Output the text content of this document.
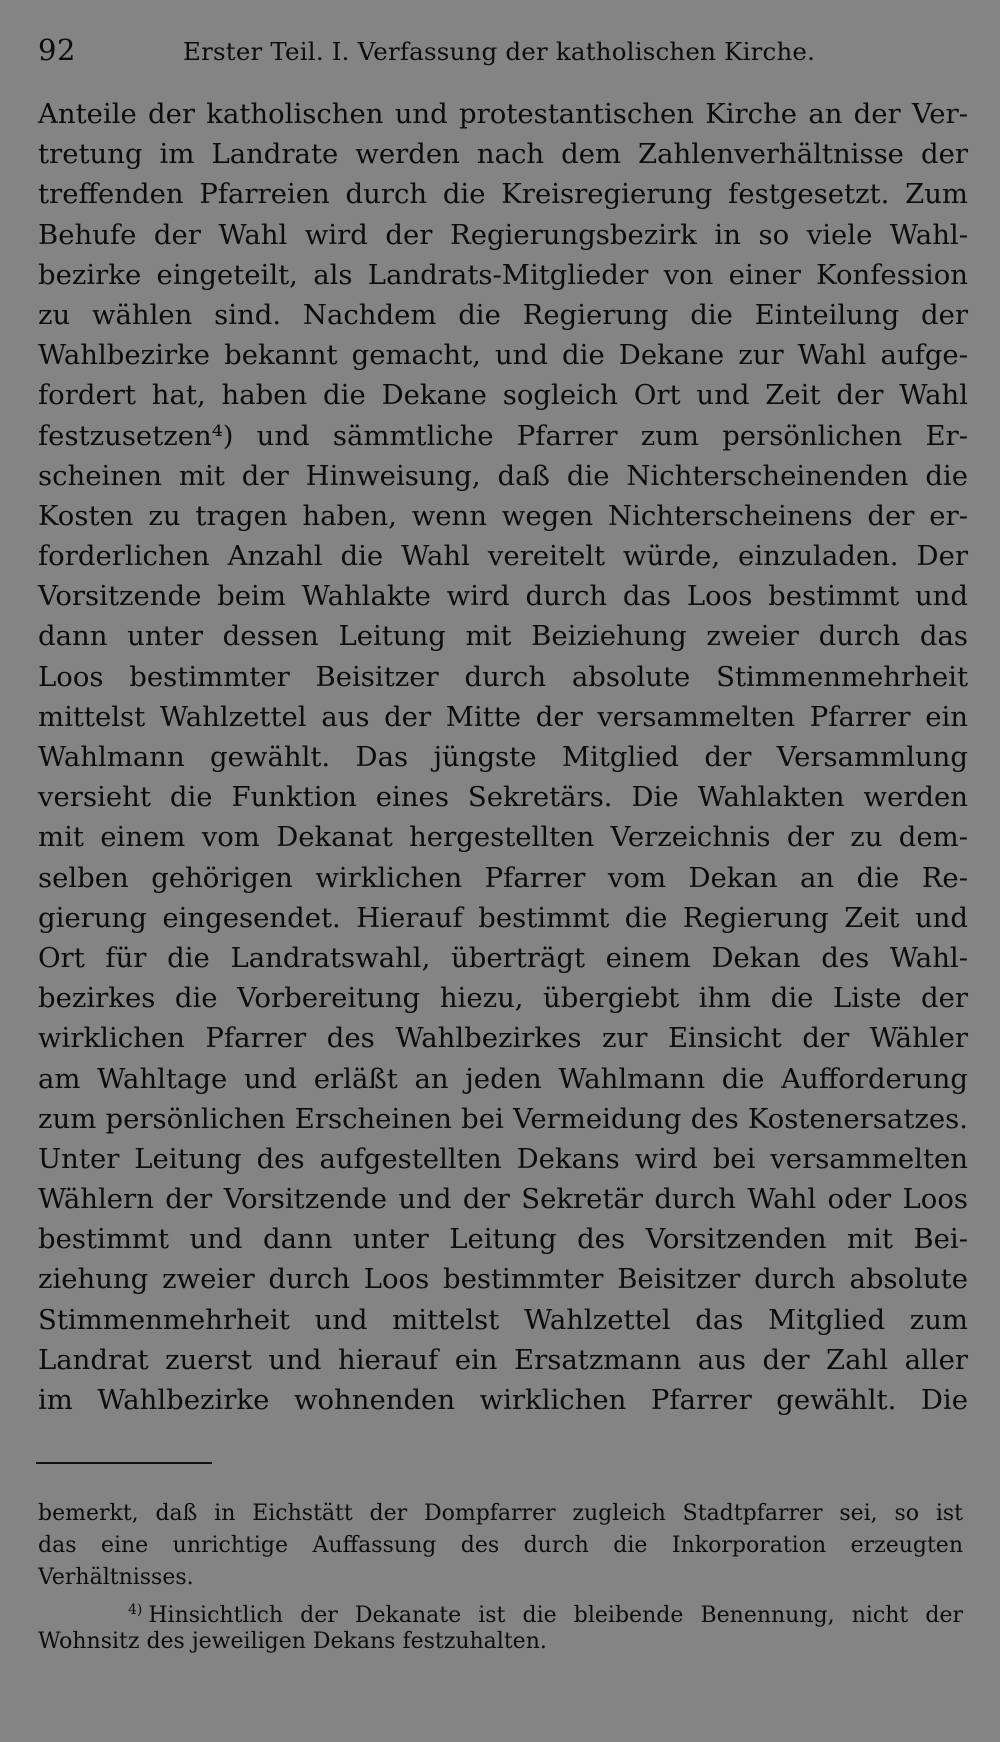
92	Erster Teil. I. Verfassung der katholischen Kirche.
Anteile der katholischen und protestantischen Kirche an der Ver-
tretung im Landrate werden nach dem Zahlenverhältnisse der
treffenden Pfarreien durch die Kreisregierung festgesetzt. Zum
Behufe der Wahl wird der Regierungsbezirk in so viele Wahl-
bezirke eingeteilt, als Landrats-Mitglieder von einer Konfession
zu wählen sind. Nachdem die Regierung die Einteilung der
Wahlbezirke bekannt gemacht, und die Dekane zur Wahl aufge-
fordert hat, haben die Dekane sogleich Ort und Zeit der Wahl
festzusetzen⁴) und sämmtliche Pfarrer zum persönlichen Er-
scheinen mit der Hinweisung, daß die Nichterscheinenden die
Kosten zu tragen haben, wenn wegen Nichterscheinens der er-
forderlichen Anzahl die Wahl vereitelt würde, einzuladen. Der
Vorsitzende beim Wahlakte wird durch das Loos bestimmt und
dann unter dessen Leitung mit Beiziehung zweier durch das
Loos bestimmter Beisitzer durch absolute Stimmenmehrheit
mittelst Wahlzettel aus der Mitte der versammelten Pfarrer ein
Wahlmann gewählt. Das jüngste Mitglied der Versammlung
versieht die Funktion eines Sekretärs. Die Wahlakten werden
mit einem vom Dekanat hergestellten Verzeichnis der zu dem-
selben gehörigen wirklichen Pfarrer vom Dekan an die Re-
gierung eingesendet. Hierauf bestimmt die Regierung Zeit und
Ort für die Landratswahl, überträgt einem Dekan des Wahl-
bezirkes die Vorbereitung hiezu, übergiebt ihm die Liste der
wirklichen Pfarrer des Wahlbezirkes zur Einsicht der Wähler
am Wahltage und erläßt an jeden Wahlmann die Aufforderung
zum persönlichen Erscheinen bei Vermeidung des Kostenersatzes.
Unter Leitung des aufgestellten Dekans wird bei versammelten
Wählern der Vorsitzende und der Sekretär durch Wahl oder Loos
bestimmt und dann unter Leitung des Vorsitzenden mit Bei-
ziehung zweier durch Loos bestimmter Beisitzer durch absolute
Stimmenmehrheit und mittelst Wahlzettel das Mitglied zum
Landrat zuerst und hierauf ein Ersatzmann aus der Zahl aller
im Wahlbezirke wohnenden wirklichen Pfarrer gewählt. Die
bemerkt, daß in Eichstätt der Dompfarrer zugleich Stadtpfarrer sei, so ist
das eine unrichtige Auffassung des durch die Inkorporation erzeugten
Verhältnisses.
$^{4)}$ Hinsichtlich der Dekanate ist die bleibende Benennung, nicht der
Wohnsitz des jeweiligen Dekans festzuhalten.
